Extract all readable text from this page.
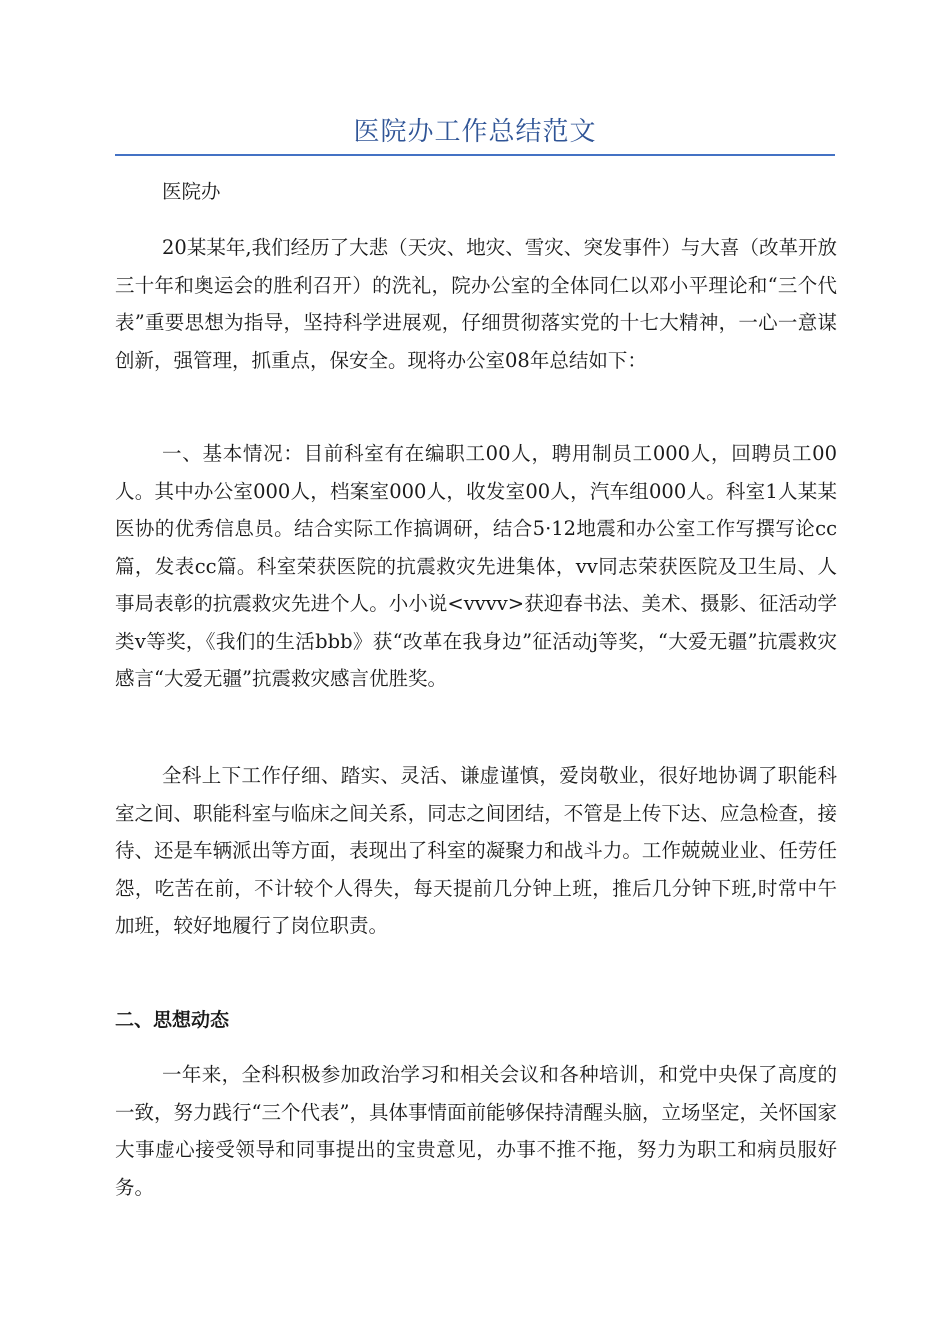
医院办工作总结范文
医院办
20某某年,我们经历了大悲（天灾、地灾、雪灾、突发事件）与大喜（改革开放三十年和奥运会的胜利召开）的洗礼，院办公室的全体同仁以邓小平理论和“三个代表”重要思想为指导，坚持科学进展观，仔细贯彻落实党的十七大精神，一心一意谋创新，强管理，抓重点，保安全。现将办公室08年总结如下：
一、基本情况：目前科室有在编职工00人，聘用制员工000人，回聘员工00人。其中办公室000人，档案室000人，收发室00人，汽车组000人。科室1人某某医协的优秀信息员。结合实际工作搞调研，结合5·12地震和办公室工作写撰写论cc篇，发表cc篇。科室荣获医院的抗震救灾先进集体，vv同志荣获医院及卫生局、人事局表彰的抗震救灾先进个人。小小说<vvvv>获迎春书法、美术、摄影、征活动学类v等奖，《我们的生活bbb》获“改革在我身边”征活动j等奖，“大爱无疆”抗震救灾感言“大爱无疆”抗震救灾感言优胜奖。
全科上下工作仔细、踏实、灵活、谦虚谨慎，爱岗敬业，很好地协调了职能科室之间、职能科室与临床之间关系，同志之间团结，不管是上传下达、应急检查，接待、还是车辆派出等方面，表现出了科室的凝聚力和战斗力。工作兢兢业业、任劳任怨，吃苦在前，不计较个人得失，每天提前几分钟上班，推后几分钟下班,时常中午加班，较好地履行了岗位职责。
二、思想动态
一年来，全科积极参加政治学习和相关会议和各种培训，和党中央保了高度的一致，努力践行“三个代表”，具体事情面前能够保持清醒头脑，立场坚定，关怀国家大事虚心接受领导和同事提出的宝贵意见，办事不推不拖，努力为职工和病员服好务。
